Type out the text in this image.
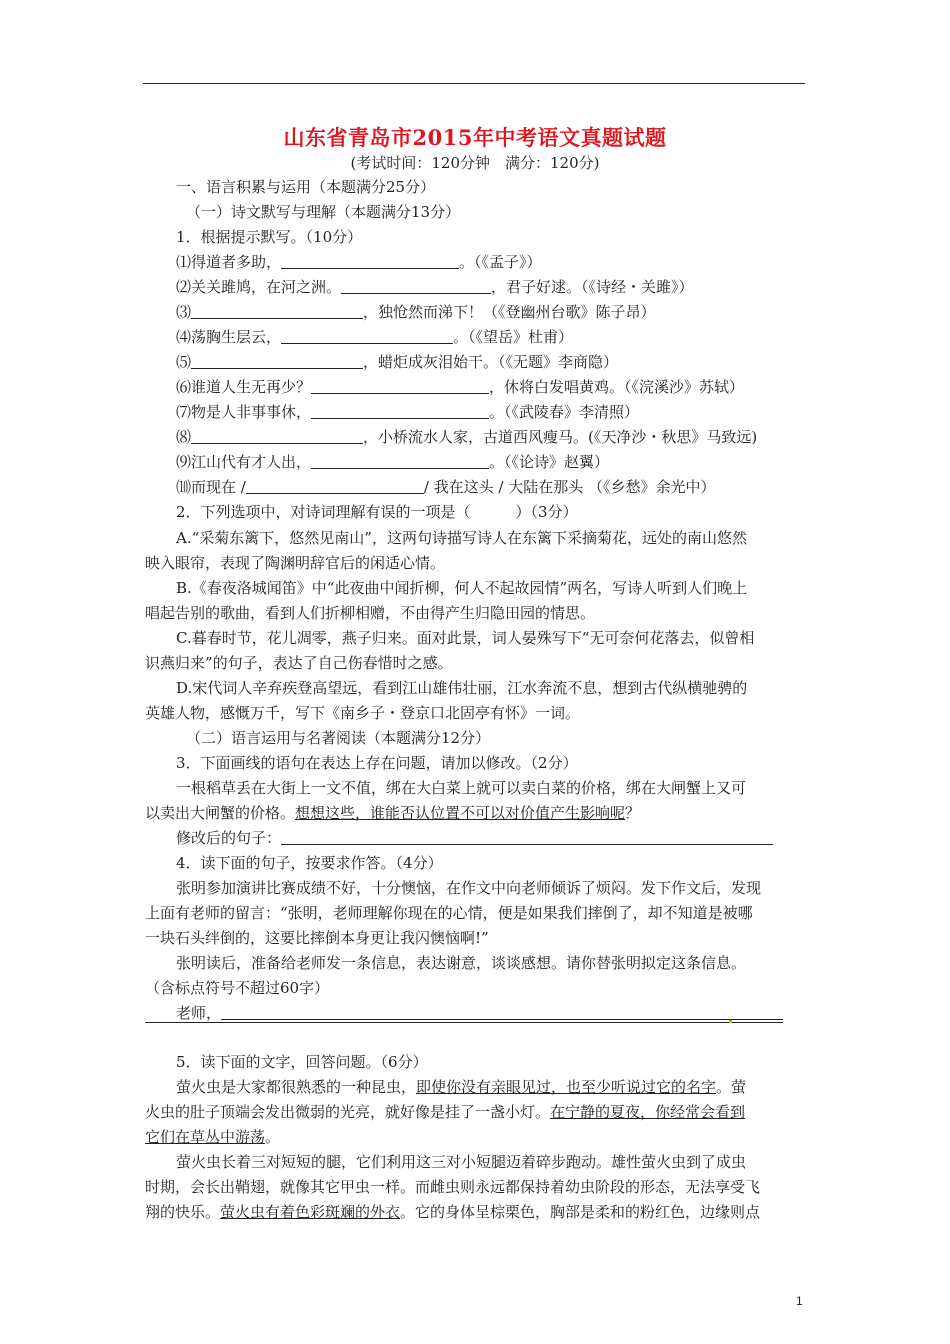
山东省青岛市2015年中考语文真题试题
(考试时间：120分钟　满分：120分)
一、语言积累与运用（本题满分25分）
（一）诗文默写与理解（本题满分13分）
1．根据提示默写。（10分）
⑴得道者多助，	。（《孟子》）
⑵关关雎鸠，在河之洲。	，君子好逑。（《诗经・关雎》）
⑶	，独怆然而涕下！（《登幽州台歌》陈子昂）
⑷荡胸生层云，	。（《望岳》杜甫）
⑸	，蜡炬成灰泪始干。（《无题》李商隐）
⑹谁道人生无再少？	，休将白发唱黄鸡。（《浣溪沙》苏轼）
⑺物是人非事事休，	。（《武陵春》李清照）
⑻	，小桥流水人家，古道西风瘦马。(《天净沙・秋思》马致远)
⑼江山代有才人出，	。（《论诗》赵翼）
⑽而现在 /	/ 我在这头 / 大陆在那头 （《乡愁》余光中）
2．下列选项中，对诗词理解有误的一项是（　　　）（3分）
A.“采菊东篱下，悠然见南山”，这两句诗描写诗人在东篱下采摘菊花，远处的南山悠然
映入眼帘，表现了陶渊明辞官后的闲适心情。
B.《春夜洛城闻笛》中“此夜曲中闻折柳，何人不起故园情”两名，写诗人听到人们晚上
唱起告别的歌曲，看到人们折柳相赠，不由得产生归隐田园的情思。
C.暮春时节，花儿凋零，燕子归来。面对此景，词人晏殊写下“无可奈何花落去，似曾相
识燕归来”的句子，表达了自己伤春惜时之感。
D.宋代词人辛弃疾登高望远，看到江山雄伟壮丽，江水奔流不息，想到古代纵横驰骋的
英雄人物，感慨万千，写下《南乡子・登京口北固亭有怀》一词。
（二）语言运用与名著阅读（本题满分12分）
3．下面画线的语句在表达上存在问题，请加以修改。（2分）
一根稻草丢在大街上一文不值，绑在大白菜上就可以卖白菜的价格，绑在大闸蟹上又可
以卖出大闸蟹的价格。想想这些，谁能否认位置不可以对价值产生影响呢？
修改后的句子：
4．读下面的句子，按要求作答。（4分）
张明参加演讲比赛成绩不好，十分懊恼，在作文中向老师倾诉了烦闷。发下作文后，发现
上面有老师的留言：“张明，老师理解你现在的心情，便是如果我们摔倒了，却不知道是被哪
一块石头绊倒的，这要比摔倒本身更让我闪懊恼啊!”
张明读后，准备给老师发一条信息，表达谢意，谈谈感想。请你替张明拟定这条信息。
（含标点符号不超过60字）
老师，
5．读下面的文字，回答问题。（6分）
萤火虫是大家都很熟悉的一种昆虫，即使你没有亲眼见过，也至少听说过它的名字。萤
火虫的肚子顶端会发出微弱的光亮，就好像是挂了一盏小灯。在宁静的夏夜，你经常会看到
它们在草丛中游荡。
萤火虫长着三对短短的腿，它们利用这三对小短腿迈着碎步跑动。雄性萤火虫到了成虫
时期，会长出鞘翅，就像其它甲虫一样。而雌虫则永远都保持着幼虫阶段的形态，无法享受飞
翔的快乐。萤火虫有着色彩斑斓的外衣。它的身体呈棕栗色，胸部是柔和的粉红色，边缘则点
1
